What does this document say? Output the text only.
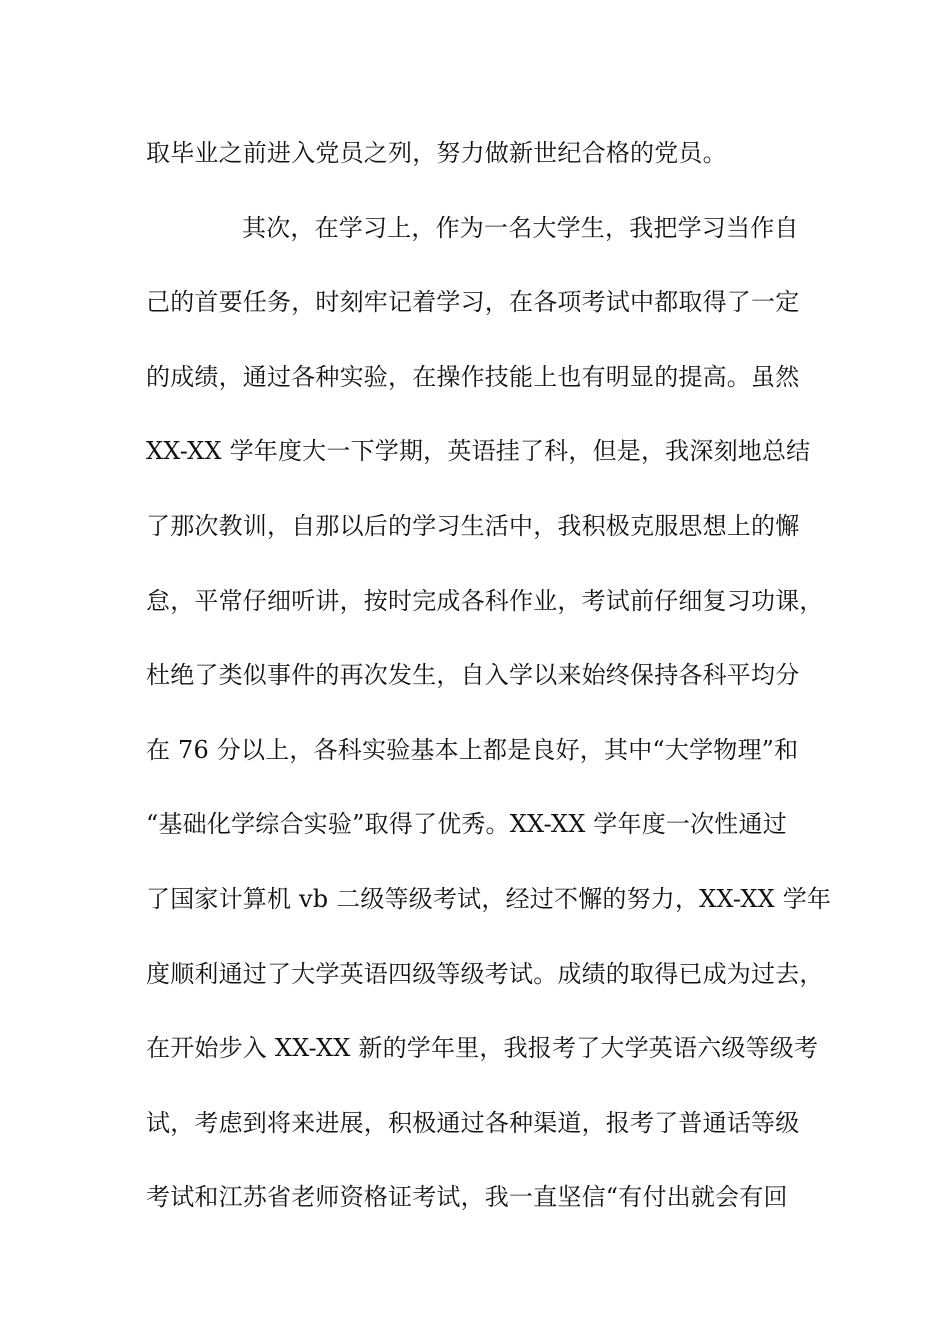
取毕业之前进入党员之列，努力做新世纪合格的党员。
其次，在学习上，作为一名大学生，我把学习当作自
己的首要任务，时刻牢记着学习，在各项考试中都取得了一定
的成绩，通过各种实验，在操作技能上也有明显的提高。虽然
XX-XX 学年度大一下学期，英语挂了科，但是，我深刻地总结
了那次教训，自那以后的学习生活中，我积极克服思想上的懈
怠，平常仔细听讲，按时完成各科作业，考试前仔细复习功课，
杜绝了类似事件的再次发生，自入学以来始终保持各科平均分
在 76 分以上，各科实验基本上都是良好，其中“大学物理”和
“基础化学综合实验”取得了优秀。XX-XX 学年度一次性通过
了国家计算机 vb 二级等级考试，经过不懈的努力，XX-XX 学年
度顺利通过了大学英语四级等级考试。成绩的取得已成为过去，
在开始步入 XX-XX 新的学年里，我报考了大学英语六级等级考
试，考虑到将来进展，积极通过各种渠道，报考了普通话等级
考试和江苏省老师资格证考试，我一直坚信“有付出就会有回
